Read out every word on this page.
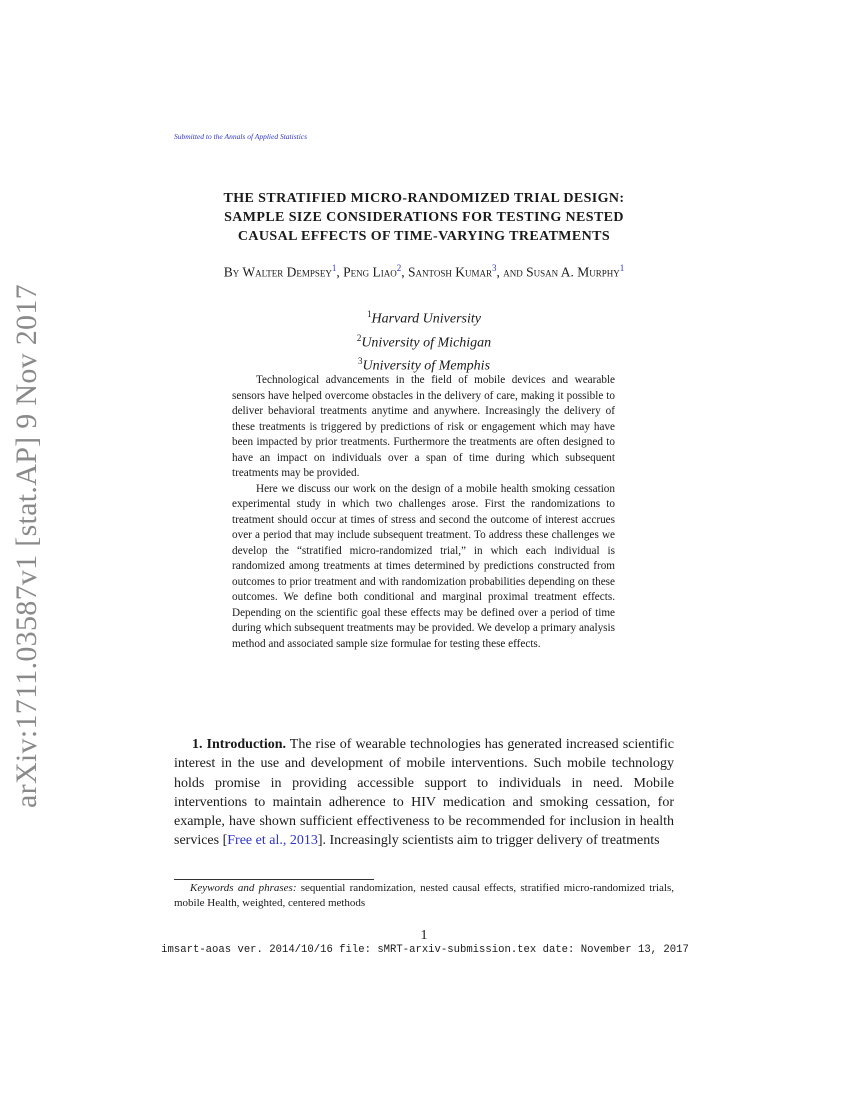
arXiv:1711.03587v1 [stat.AP] 9 Nov 2017
Submitted to the Annals of Applied Statistics
THE STRATIFIED MICRO-RANDOMIZED TRIAL DESIGN:
SAMPLE SIZE CONSIDERATIONS FOR TESTING NESTED
CAUSAL EFFECTS OF TIME-VARYING TREATMENTS
By Walter Dempsey$^1$, Peng Liao$^2$, Santosh Kumar$^3$, and Susan A. Murphy$^1$
$^1$Harvard University
$^2$University of Michigan
$^3$University of Memphis

Technological advancements in the field of mobile devices and wearable sensors have helped overcome obstacles in the delivery of care, making it possible to deliver behavioral treatments anytime and anywhere. Increasingly the delivery of these treatments is triggered by predictions of risk or engagement which may have been impacted by prior treatments. Furthermore the treatments are often designed to have an impact on individuals over a span of time during which subsequent treatments may be provided.

Here we discuss our work on the design of a mobile health smoking cessation experimental study in which two challenges arose. First the randomizations to treatment should occur at times of stress and second the outcome of interest accrues over a period that may include subsequent treatment. To address these challenges we develop the “stratified micro-randomized trial,” in which each individual is randomized among treatments at times determined by predictions constructed from outcomes to prior treatment and with randomization probabilities depending on these outcomes. We define both conditional and marginal proximal treatment effects. Depending on the scientific goal these effects may be defined over a period of time during which subsequent treatments may be provided. We develop a primary analysis method and associated sample size formulae for testing these effects.

1. Introduction. The rise of wearable technologies has generated increased scientific interest in the use and development of mobile interventions. Such mobile technology holds promise in providing accessible support to individuals in need. Mobile interventions to maintain adherence to HIV medication and smoking cessation, for example, have shown sufficient effectiveness to be recommended for inclusion in health services [Free et al., 2013]. Increasingly scientists aim to trigger delivery of treatments

Keywords and phrases: sequential randomization, nested causal effects, stratified micro-randomized trials, mobile Health, weighted, centered methods

1
imsart-aoas ver. 2014/10/16 file: sMRT-arxiv-submission.tex date: November 13, 2017
